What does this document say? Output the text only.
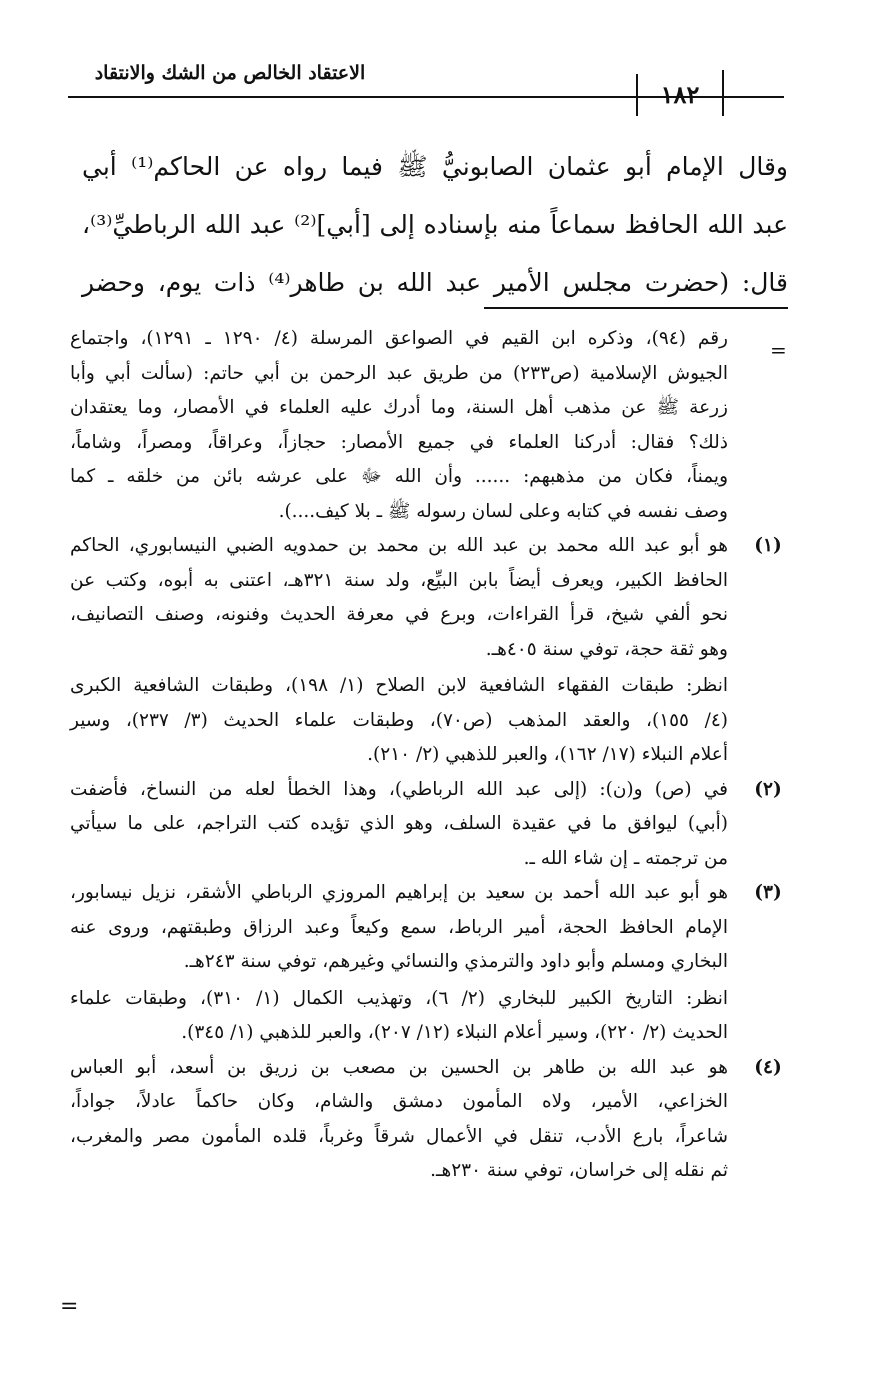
الاعتقاد الخالص من الشك والانتقاد
١٨٢
وقال الإمام أبو عثمان الصابونيُّ ﷺ فيما رواه عن الحاكم⁽¹⁾ أبي
عبد الله الحافظ سماعاً منه بإسناده إلى [أبي]⁽²⁾ عبد الله الرباطيِّ⁽³⁾،
قال: (حضرت مجلس الأمير عبد الله بن طاهر⁽⁴⁾ ذات يوم، وحضر
=
رقم (٩٤)، وذكره ابن القيم في الصواعق المرسلة (٤/ ١٢٩٠ ـ ١٢٩١)، واجتماع
الجيوش الإسلامية (ص٢٣٣) من طريق عبد الرحمن بن أبي حاتم: (سألت أبي وأبا
زرعة ﷺ عن مذهب أهل السنة، وما أدرك عليه العلماء في الأمصار، وما يعتقدان
ذلك؟ فقال: أدركنا العلماء في جميع الأمصار: حجازاً، وعراقاً، ومصراً، وشاماً،
ويمناً، فكان من مذهبهم: ...... وأن الله ﷻ على عرشه بائن من خلقه ـ كما
وصف نفسه في كتابه وعلى لسان رسوله ﷺ ـ بلا كيف....).
(١)
هو أبو عبد الله محمد بن عبد الله بن محمد بن حمدويه الضبي النيسابوري، الحاكم
الحافظ الكبير، ويعرف أيضاً بابن البيِّع، ولد سنة ٣٢١هـ، اعتنى به أبوه، وكتب عن
نحو ألفي شيخ، قرأ القراءات، وبرع في معرفة الحديث وفنونه، وصنف التصانيف،
وهو ثقة حجة، توفي سنة ٤٠٥هـ.
انظر: طبقات الفقهاء الشافعية لابن الصلاح (١/ ١٩٨)، وطبقات الشافعية الكبرى
(٤/ ١٥٥)، والعقد المذهب (ص٧٠)، وطبقات علماء الحديث (٣/ ٢٣٧)، وسير
أعلام النبلاء (١٧/ ١٦٢)، والعبر للذهبي (٢/ ٢١٠).
(٢)
في (ص) و(ن): (إلى عبد الله الرباطي)، وهذا الخطأ لعله من النساخ، فأضفت
(أبي) ليوافق ما في عقيدة السلف، وهو الذي تؤيده كتب التراجم، على ما سيأتي
من ترجمته ـ إن شاء الله ـ.
(٣)
هو أبو عبد الله أحمد بن سعيد بن إبراهيم المروزي الرباطي الأشقر، نزيل نيسابور،
الإمام الحافظ الحجة، أمير الرباط، سمع وكيعاً وعبد الرزاق وطبقتهم، وروى عنه
البخاري ومسلم وأبو داود والترمذي والنسائي وغيرهم، توفي سنة ٢٤٣هـ.
انظر: التاريخ الكبير للبخاري (٢/ ٦)، وتهذيب الكمال (١/ ٣١٠)، وطبقات علماء
الحديث (٢/ ٢٢٠)، وسير أعلام النبلاء (١٢/ ٢٠٧)، والعبر للذهبي (١/ ٣٤٥).
(٤)
هو عبد الله بن طاهر بن الحسين بن مصعب بن زريق بن أسعد، أبو العباس
الخزاعي، الأمير، ولاه المأمون دمشق والشام، وكان حاكماً عادلاً، جواداً،
شاعراً، بارع الأدب، تنقل في الأعمال شرقاً وغرباً، قلده المأمون مصر والمغرب،
ثم نقله إلى خراسان، توفي سنة ٢٣٠هـ.
=
